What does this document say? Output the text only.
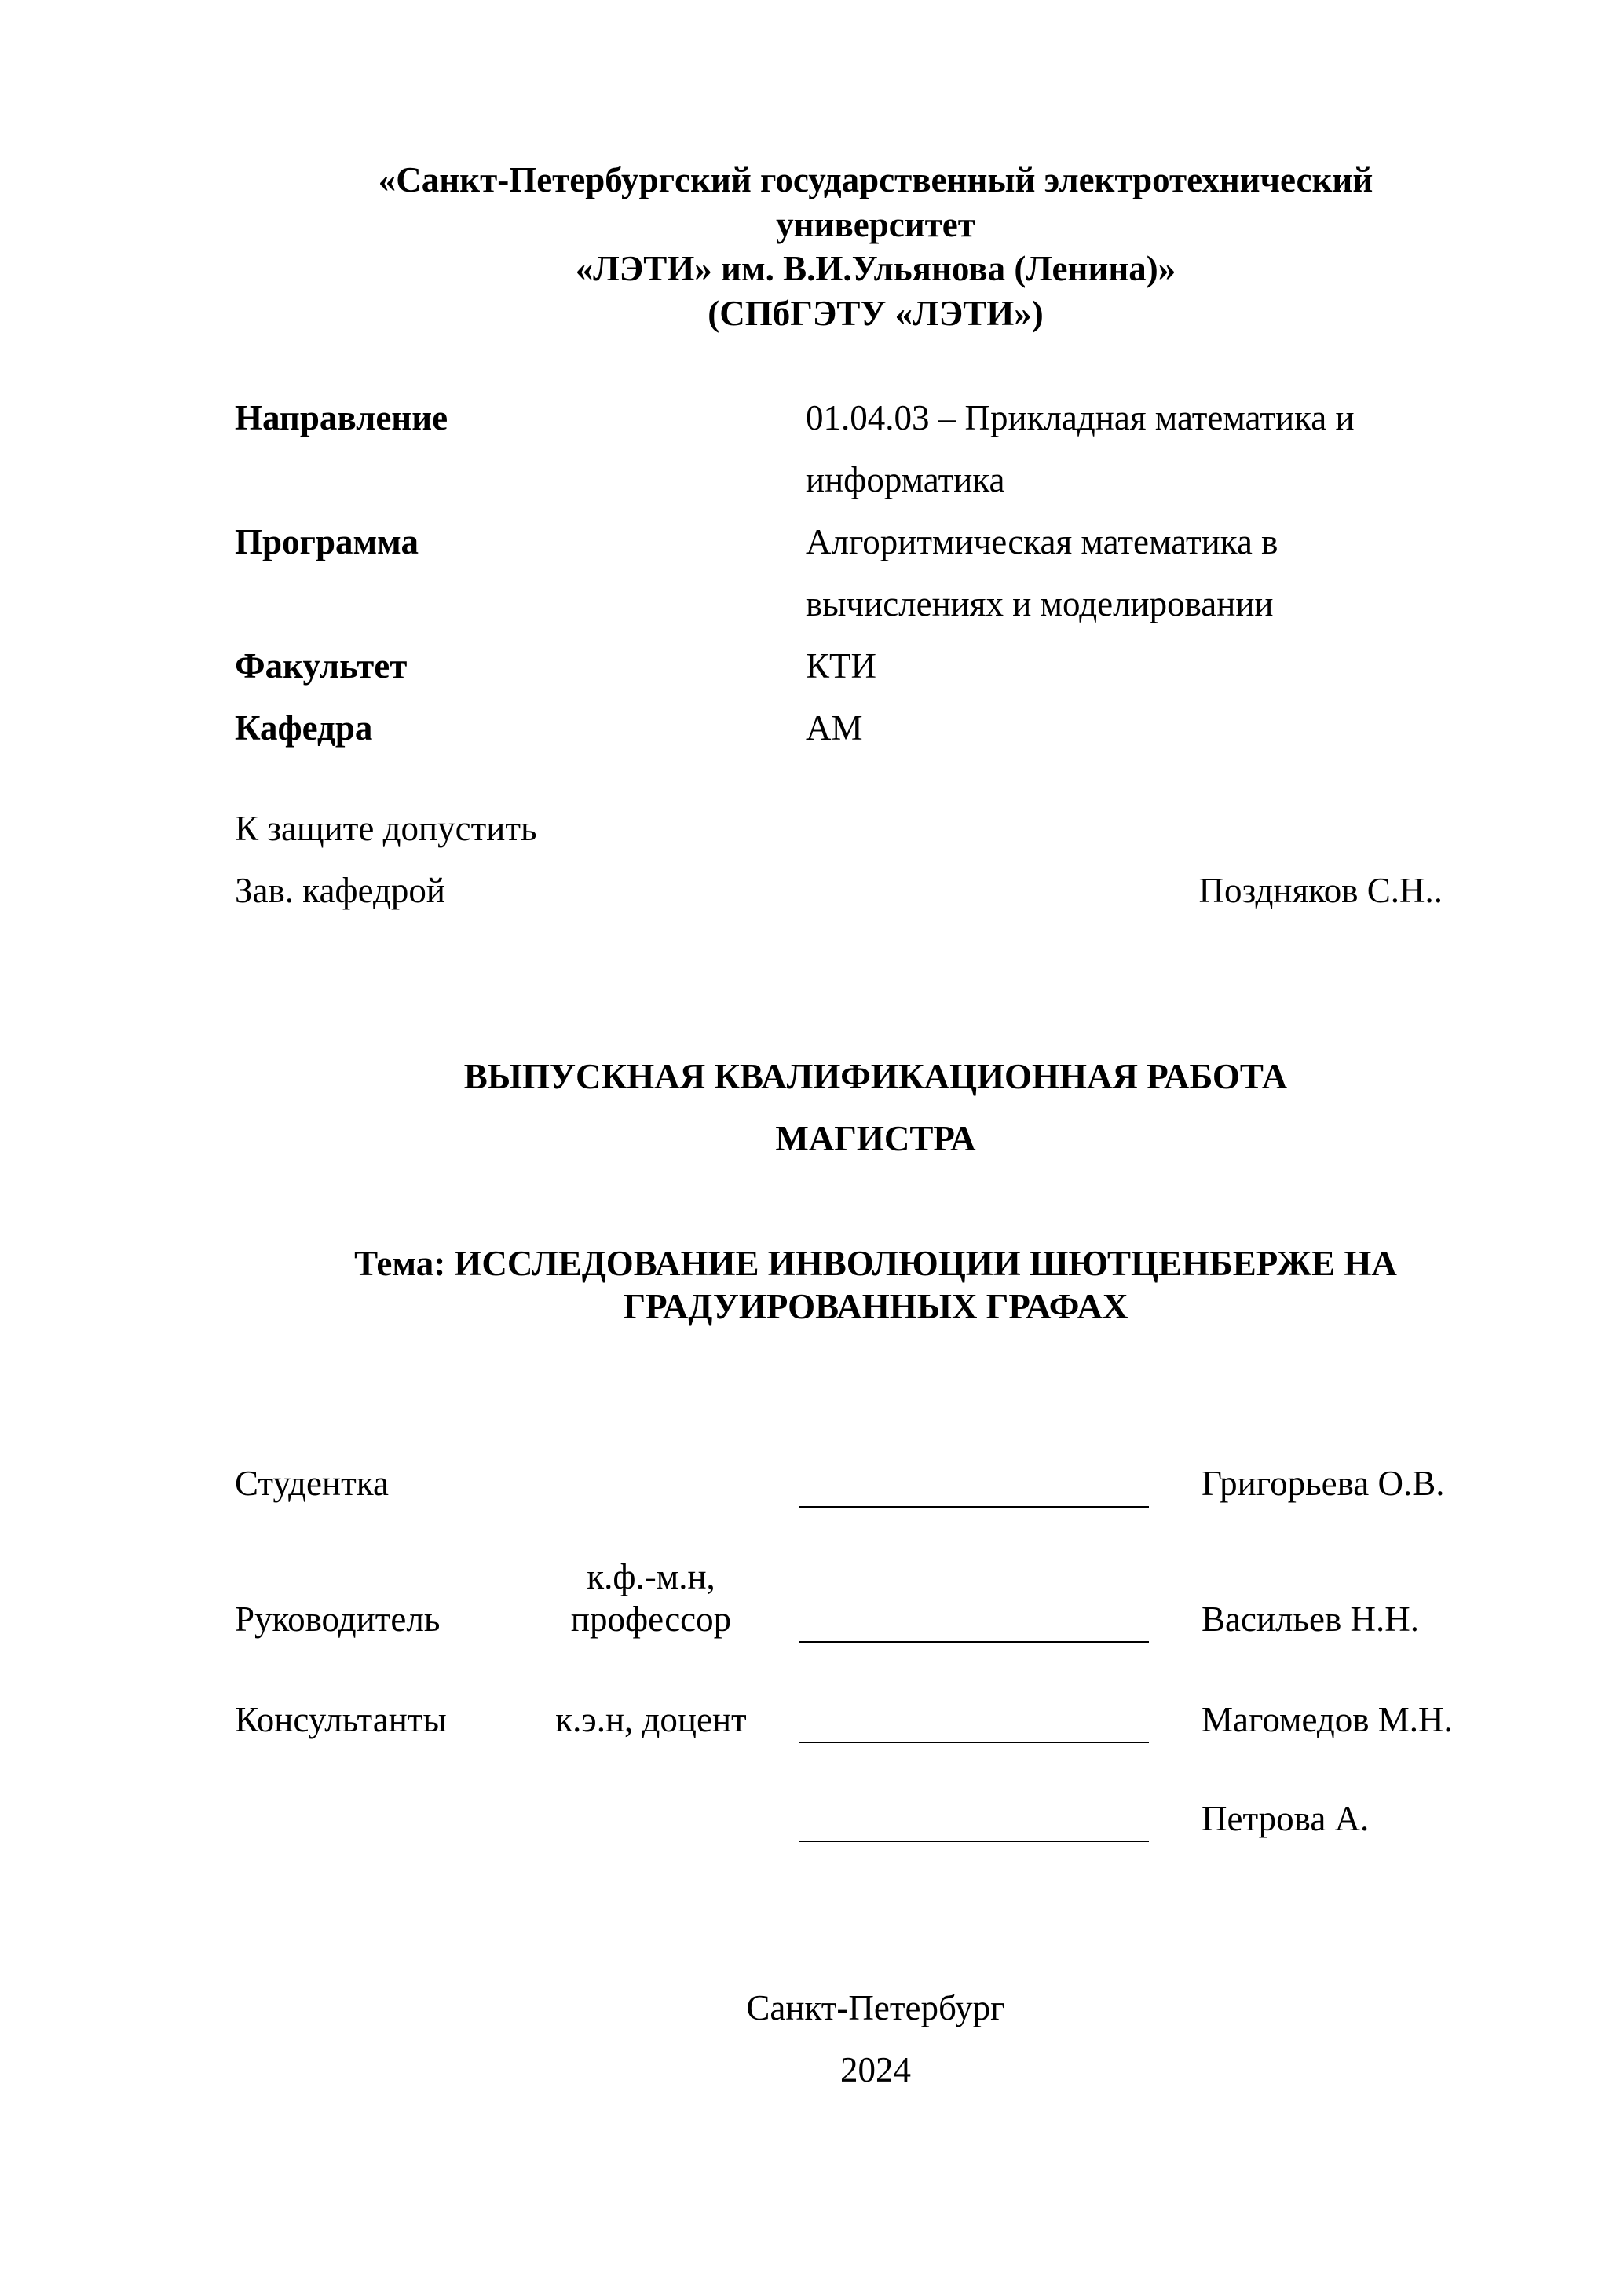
«Санкт-Петербургский государственный электротехнический
университет
«ЛЭТИ» им. В.И.Ульянова (Ленина)»
(СПбГЭТУ «ЛЭТИ»)
Направление	01.04.03 – Прикладная математика и
информатика
Программа	Алгоритмическая математика в
вычислениях и моделировании
Факультет	КТИ
Кафедра	АМ
К защите допустить
Зав. кафедрой	Поздняков С.Н..
ВЫПУСКНАЯ КВАЛИФИКАЦИОННАЯ РАБОТА
МАГИСТРА
Тема: ИССЛЕДОВАНИЕ ИНВОЛЮЦИИ ШЮТЦЕНБЕРЖЕ НА
ГРАДУИРОВАННЫХ ГРАФАХ
Студентка	Григорьева О.В.
к.ф.-м.н,
Руководитель	профессор	Васильев Н.Н.
Консультанты	к.э.н, доцент	Магомедов М.Н.
Петрова А.
Санкт-Петербург
2024
